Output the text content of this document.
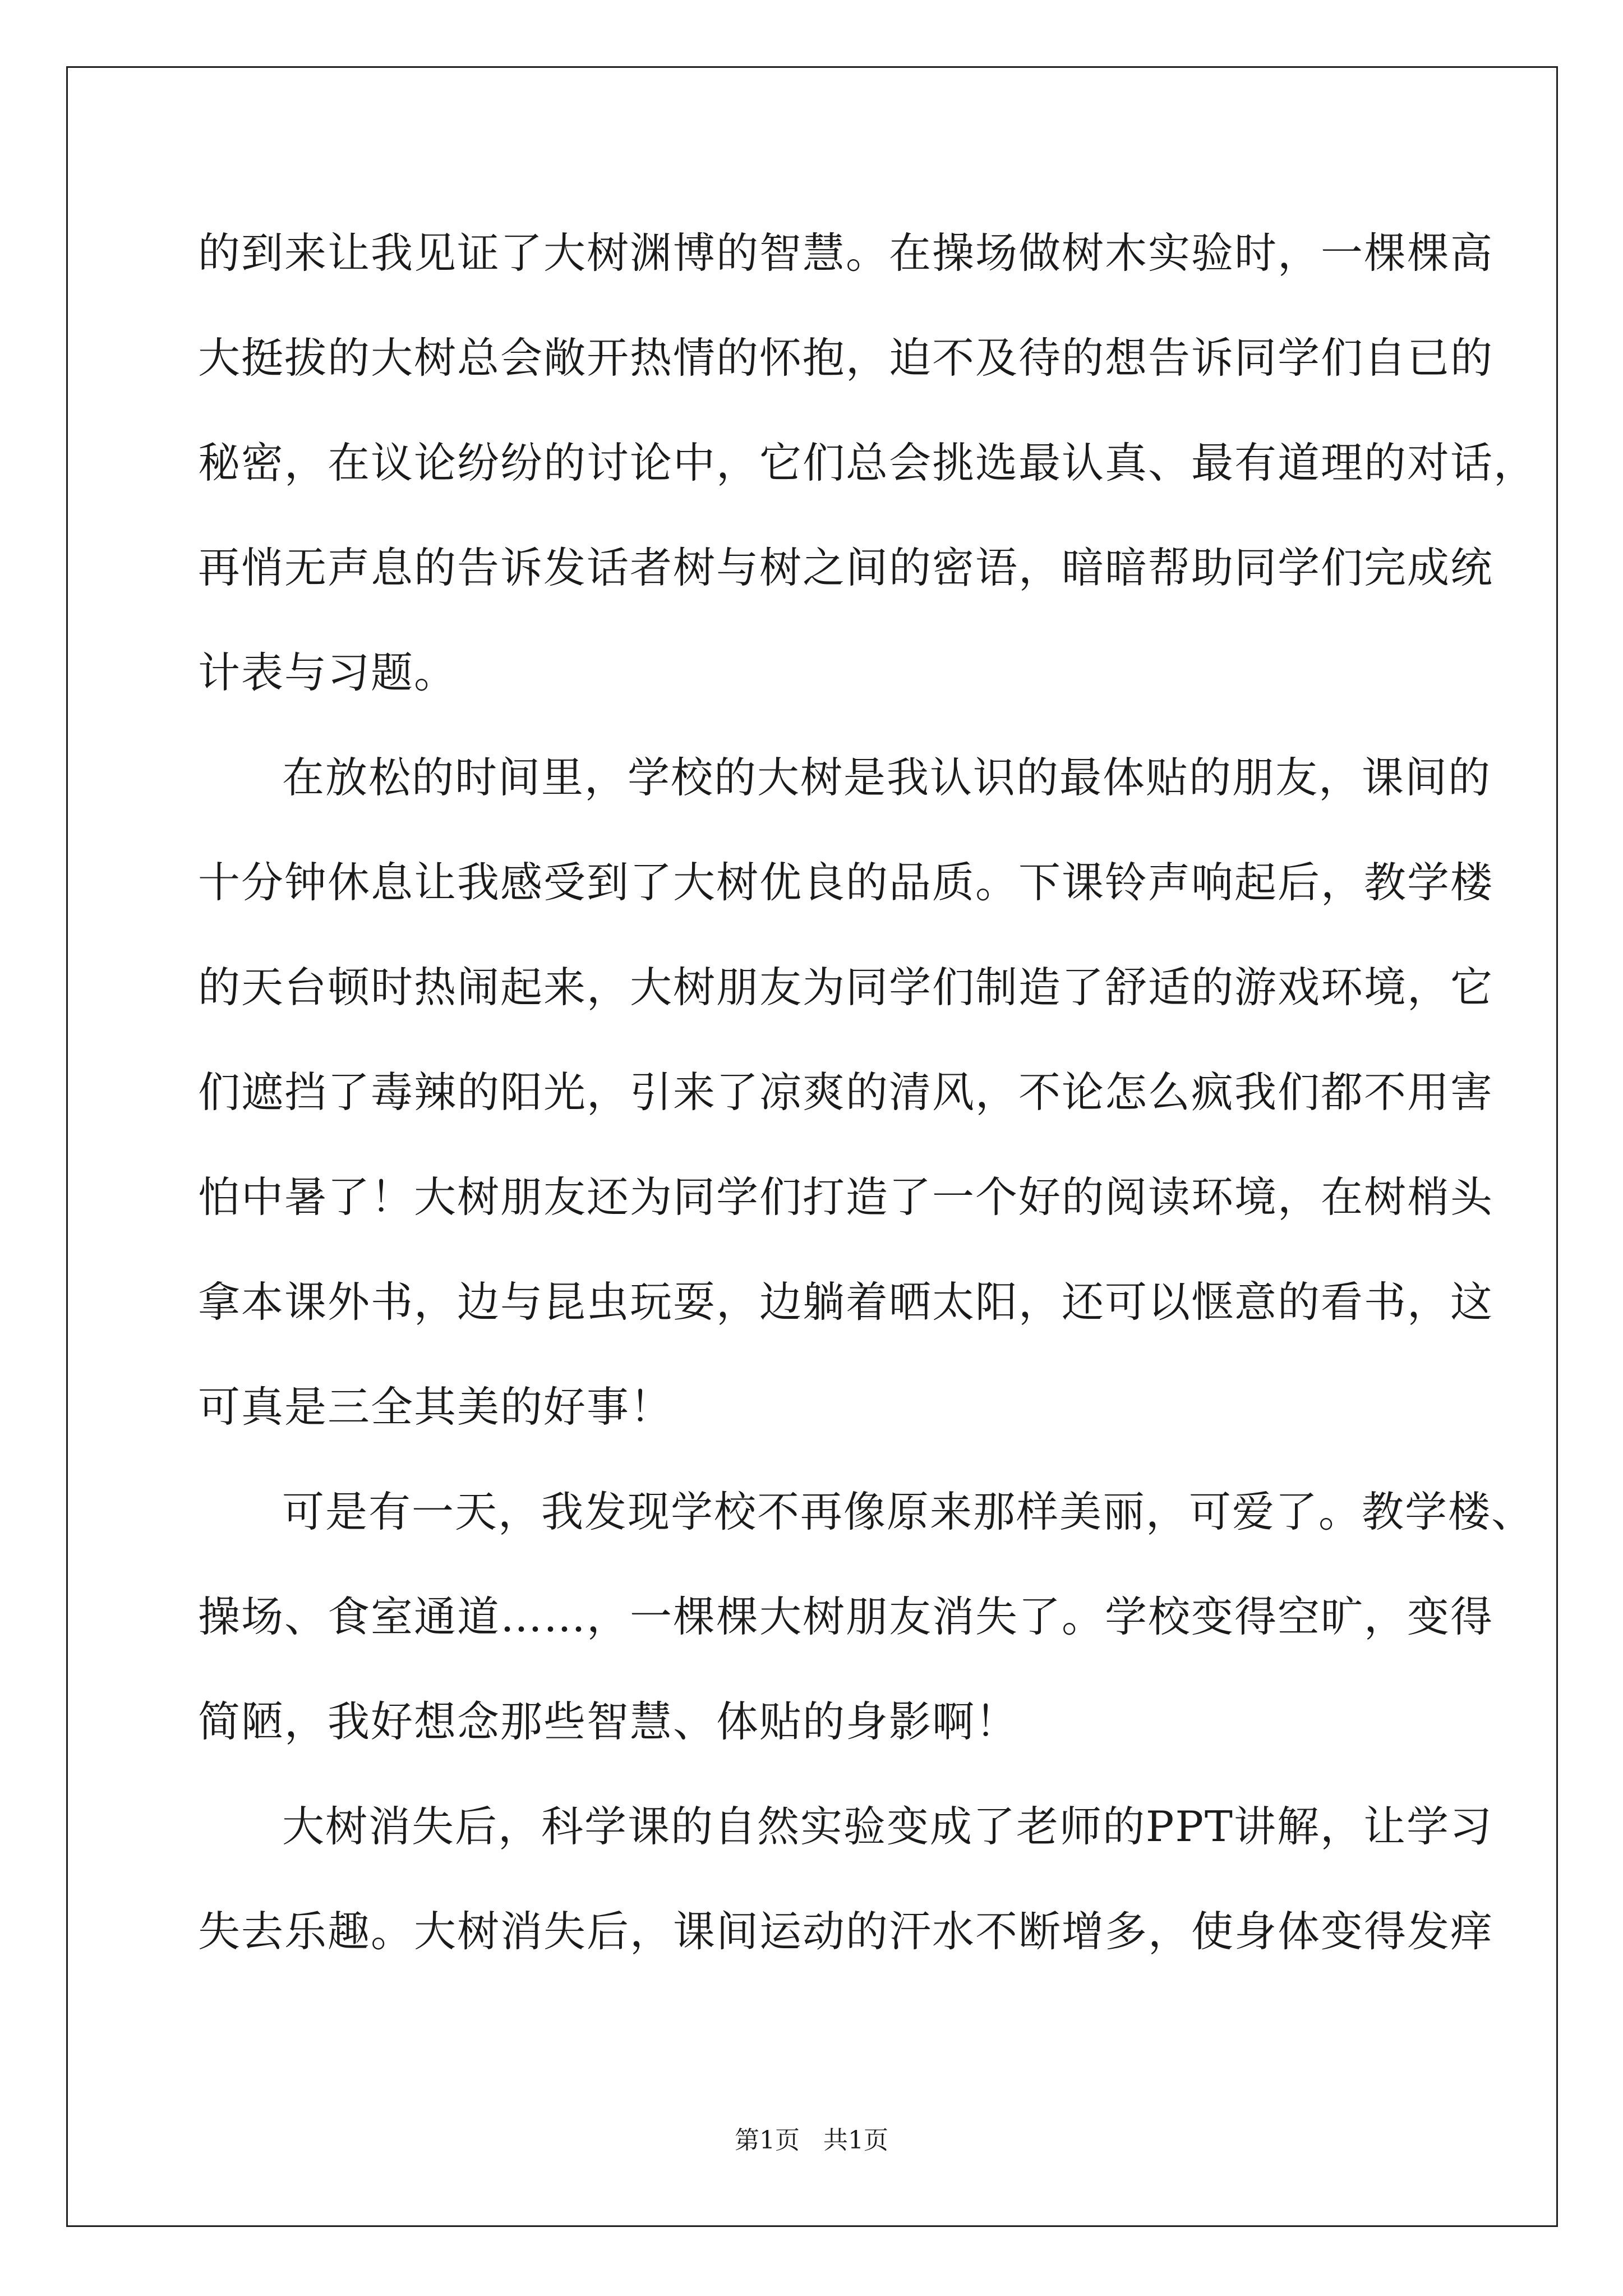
的到来让我见证了大树渊博的智慧。在操场做树木实验时，一棵棵高
大挺拔的大树总会敞开热情的怀抱，迫不及待的想告诉同学们自已的
秘密，在议论纷纷的讨论中，它们总会挑选最认真、最有道理的对话，
再悄无声息的告诉发话者树与树之间的密语，暗暗帮助同学们完成统
计表与习题。
在放松的时间里，学校的大树是我认识的最体贴的朋友，课间的
十分钟休息让我感受到了大树优良的品质。下课铃声响起后，教学楼
的天台顿时热闹起来，大树朋友为同学们制造了舒适的游戏环境，它
们遮挡了毒辣的阳光，引来了凉爽的清风，不论怎么疯我们都不用害
怕中暑了！大树朋友还为同学们打造了一个好的阅读环境，在树梢头
拿本课外书，边与昆虫玩耍，边躺着晒太阳，还可以惬意的看书，这
可真是三全其美的好事！
可是有一天，我发现学校不再像原来那样美丽，可爱了。教学楼、
操场、食室通道……，一棵棵大树朋友消失了。学校变得空旷，变得
简陋，我好想念那些智慧、体贴的身影啊！
大树消失后，科学课的自然实验变成了老师的PPT讲解，让学习
失去乐趣。大树消失后，课间运动的汗水不断增多，使身体变得发痒
第1页   共1页
